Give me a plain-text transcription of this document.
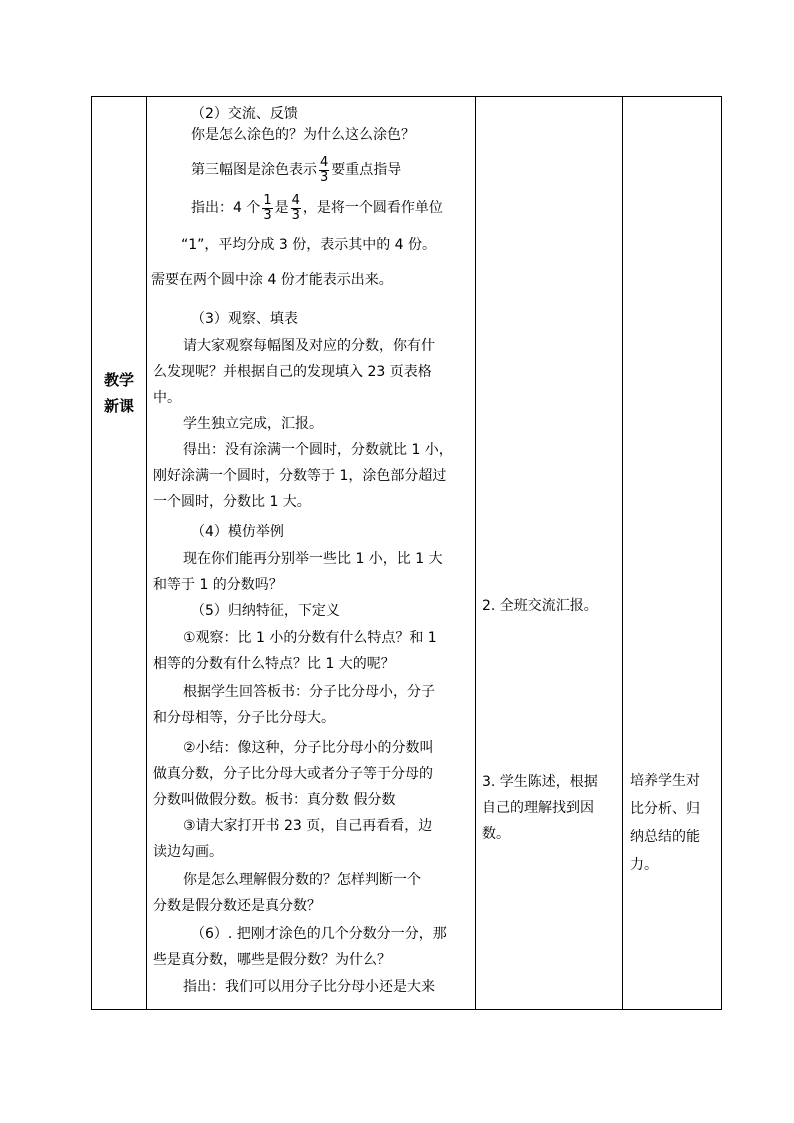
教学
新课
（2）交流、反馈
你是怎么涂色的？为什么这么涂色？
第三幅图是涂色表示 $\frac{4}{3}$ 要重点指导
指出：4 个 $\frac{1}{3}$ 是 $\frac{4}{3}$ ，是将一个圆看作单位
“1”，平均分成 3 份，表示其中的 4 份。
需要在两个圆中涂 4 份才能表示出来。
（3）观察、填表
请大家观察每幅图及对应的分数，你有什
么发现呢？并根据自己的发现填入 23 页表格
中。
学生独立完成，汇报。
得出：没有涂满一个圆时，分数就比 1 小，
刚好涂满一个圆时，分数等于 1，涂色部分超过
一个圆时，分数比 1 大。
（4）模仿举例
现在你们能再分别举一些比 1 小，比 1 大
和等于 1 的分数吗？
（5）归纳特征，下定义
①观察：比 1 小的分数有什么特点？和 1
相等的分数有什么特点？比 1 大的呢？
根据学生回答板书：分子比分母小，分子
和分母相等，分子比分母大。
②小结：像这种，分子比分母小的分数叫
做真分数，分子比分母大或者分子等于分母的
分数叫做假分数。板书：真分数 假分数
③请大家打开书 23 页，自己再看看，边
读边勾画。
你是怎么理解假分数的？怎样判断一个
分数是假分数还是真分数？
（6）. 把刚才涂色的几个分数分一分，那
些是真分数，哪些是假分数？为什么？
指出：我们可以用分子比分母小还是大来
2. 全班交流汇报。
3. 学生陈述，根据
自己的理解找到因
数。
培养学生对
比分析、归
纳总结的能
力。
